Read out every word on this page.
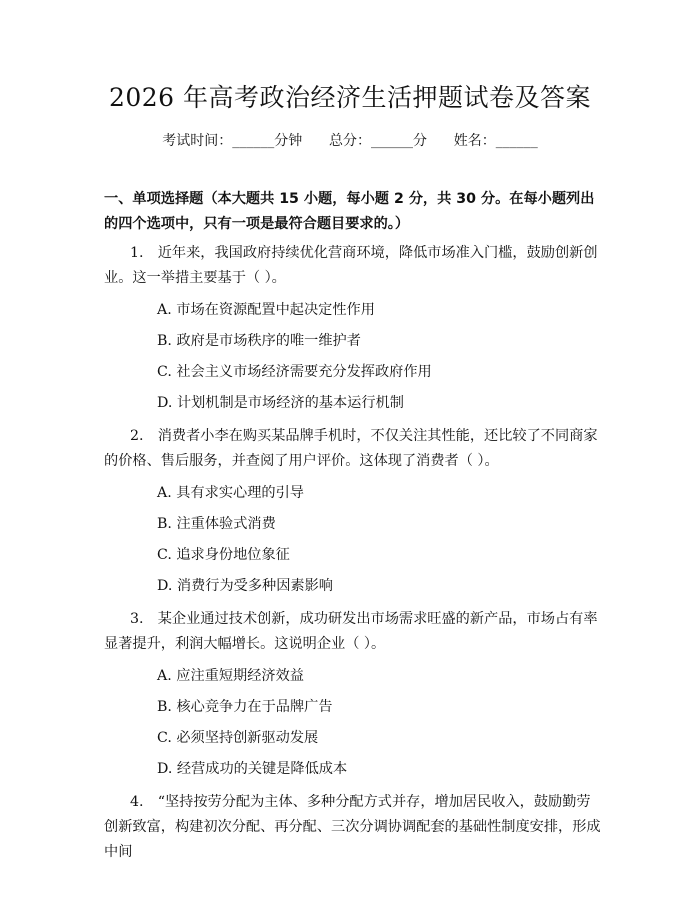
2026 年高考政治经济生活押题试卷及答案
考试时间：______分钟      总分：______分      姓名：______
一、单项选择题（本大题共 15 小题，每小题 2 分，共 30 分。在每小题列出的四个选项中，只有一项是最符合题目要求的。）

1.　近年来，我国政府持续优化营商环境，降低市场准入门槛，鼓励创新创业。这一举措主要基于（ ）。

A. 市场在资源配置中起决定性作用

B. 政府是市场秩序的唯一维护者

C. 社会主义市场经济需要充分发挥政府作用

D. 计划机制是市场经济的基本运行机制

2.　消费者小李在购买某品牌手机时，不仅关注其性能，还比较了不同商家的价格、售后服务，并查阅了用户评价。这体现了消费者（ ）。

A. 具有求实心理的引导

B. 注重体验式消费

C. 追求身份地位象征

D. 消费行为受多种因素影响

3.　某企业通过技术创新，成功研发出市场需求旺盛的新产品，市场占有率显著提升，利润大幅增长。这说明企业（ ）。

A. 应注重短期经济效益

B. 核心竞争力在于品牌广告

C. 必须坚持创新驱动发展

D. 经营成功的关键是降低成本

4.　“坚持按劳分配为主体、多种分配方式并存，增加居民收入，鼓励勤劳创新致富，构建初次分配、再分配、三次分调协调配套的基础性制度安排，形成中间
